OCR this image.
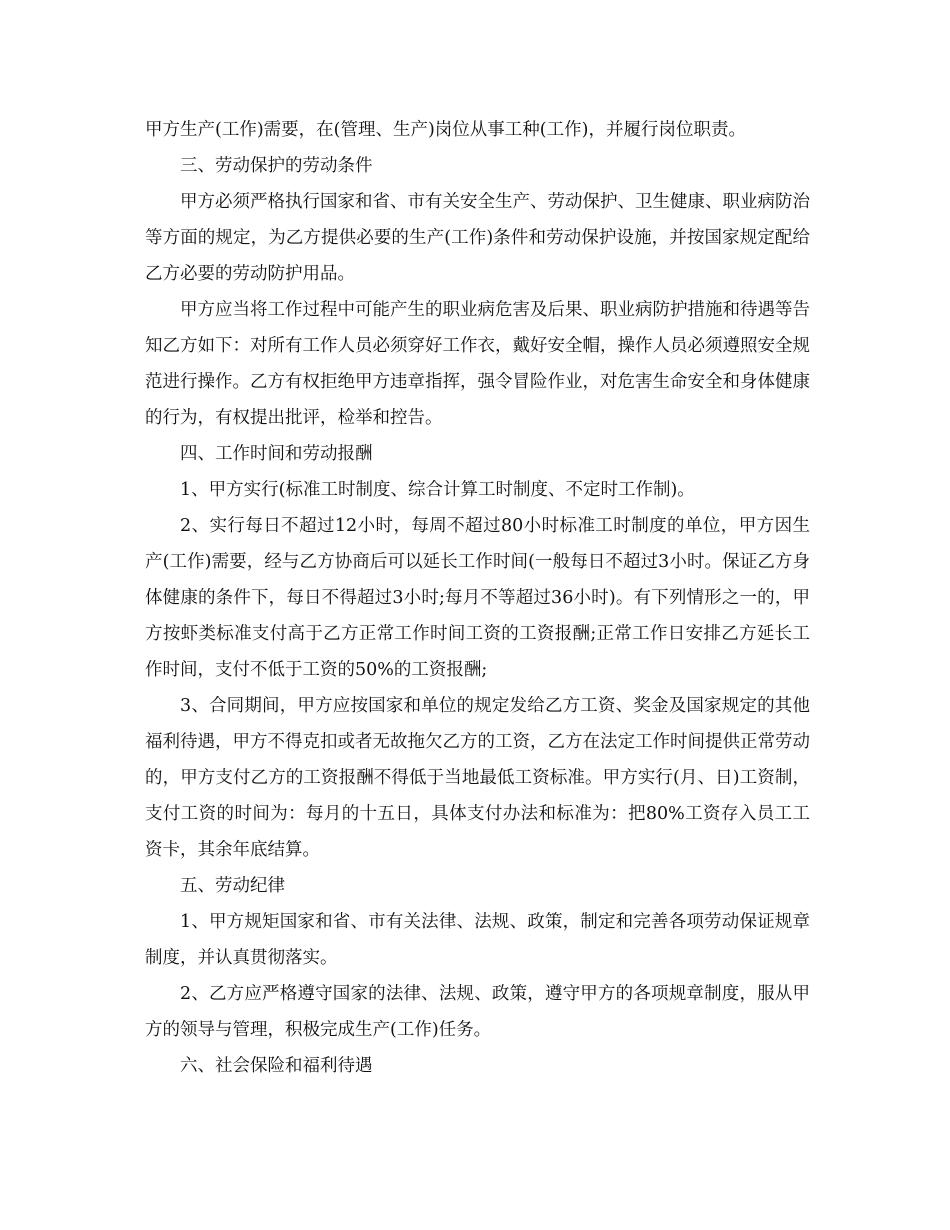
甲方生产(工作)需要，在(管理、生产)岗位从事工种(工作)，并履行岗位职责。

三、劳动保护的劳动条件

甲方必须严格执行国家和省、市有关安全生产、劳动保护、卫生健康、职业病防治等方面的规定，为乙方提供必要的生产(工作)条件和劳动保护设施，并按国家规定配给乙方必要的劳动防护用品。

甲方应当将工作过程中可能产生的职业病危害及后果、职业病防护措施和待遇等告知乙方如下：对所有工作人员必须穿好工作衣，戴好安全帽，操作人员必须遵照安全规范进行操作。乙方有权拒绝甲方违章指挥，强令冒险作业，对危害生命安全和身体健康的行为，有权提出批评，检举和控告。

四、工作时间和劳动报酬

1、甲方实行(标准工时制度、综合计算工时制度、不定时工作制)。

2、实行每日不超过12小时，每周不超过80小时标准工时制度的单位，甲方因生产(工作)需要，经与乙方协商后可以延长工作时间(一般每日不超过3小时。保证乙方身体健康的条件下，每日不得超过3小时;每月不等超过36小时)。有下列情形之一的，甲方按虾类标准支付高于乙方正常工作时间工资的工资报酬;正常工作日安排乙方延长工作时间，支付不低于工资的50%的工资报酬;

3、合同期间，甲方应按国家和单位的规定发给乙方工资、奖金及国家规定的其他福利待遇，甲方不得克扣或者无故拖欠乙方的工资，乙方在法定工作时间提供正常劳动的，甲方支付乙方的工资报酬不得低于当地最低工资标准。甲方实行(月、日)工资制，支付工资的时间为：每月的十五日，具体支付办法和标准为：把80%工资存入员工工资卡，其余年底结算。

五、劳动纪律

1、甲方规矩国家和省、市有关法律、法规、政策，制定和完善各项劳动保证规章制度，并认真贯彻落实。

2、乙方应严格遵守国家的法律、法规、政策，遵守甲方的各项规章制度，服从甲方的领导与管理，积极完成生产(工作)任务。

六、社会保险和福利待遇
